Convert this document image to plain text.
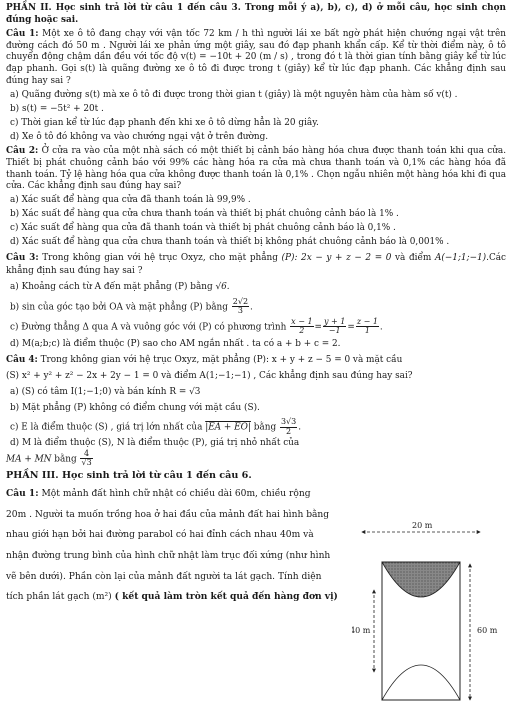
PHẦN II. Học sinh trả lời từ câu 1 đến câu 3. Trong mỗi ý a), b), c), d) ở mỗi câu, học sinh chọn đúng hoặc sai.

Câu 1: Một xe ô tô đang chạy với vận tốc 72 km / h thì người lái xe bất ngờ phát hiện chướng ngại vật trên đường cách đó 50 m . Người lái xe phản ứng một giây, sau đó đạp phanh khẩn cấp. Kể từ thời điểm này, ô tô chuyển động chậm dần đều với tốc độ v(t) = −10t + 20 (m / s) , trong đó t là thời gian tính bằng giây kể từ lúc đạp phanh. Gọi s(t) là quãng đường xe ô tô đi được trong t (giây) kể từ lúc đạp phanh. Các khẳng định sau đúng hay sai ?

a) Quãng đường s(t) mà xe ô tô đi được trong thời gian t (giây) là một nguyên hàm của hàm số v(t) .

b) s(t) = −5t² + 20t .

c) Thời gian kể từ lúc đạp phanh đến khi xe ô tô dừng hẳn là 20 giây.

d) Xe ô tô đó không va vào chướng ngại vật ở trên đường.

Câu 2: Ở cửa ra vào của một nhà sách có một thiết bị cảnh báo hàng hóa chưa được thanh toán khi qua cửa. Thiết bị phát chuông cảnh báo với 99% các hàng hóa ra cửa mà chưa thanh toán và 0,1% các hàng hóa đã thanh toán. Tỷ lệ hàng hóa qua cửa không được thanh toán là 0,1% . Chọn ngẫu nhiên một hàng hóa khi đi qua cửa. Các khẳng định sau đúng hay sai?

a) Xác suất để hàng qua cửa đã thanh toán là 99,9% .

b) Xác suất để hàng qua cửa chưa thanh toán và thiết bị phát chuông cảnh báo là 1% .

c) Xác suất để hàng qua cửa đã thanh toán và thiết bị phát chuông cảnh báo là 0,1% .

d) Xác suất để hàng qua cửa chưa thanh toán và thiết bị không phát chuông cảnh báo là 0,001% .

Câu 3: Trong không gian với hệ trục Oxyz, cho mặt phẳng (P): 2x − y + z − 2 = 0 và điểm A(−1;1;−1).Các khẳng định sau đúng hay sai ?

a) Khoảng cách từ A đến mặt phẳng (P) bằng √6.

b) sin của góc tạo bởi OA và mặt phẳng (P) bằng $\frac{2√2}{3}$ .

c) Đường thẳng Δ qua A và vuông góc với (P) có phương trình $\frac{x - 1}{2} = \frac{y + 1}{-1} = \frac{z - 1}{1}$ .

d) M(a;b;c) là điểm thuộc (P) sao cho AM ngắn nhất . ta có a + b + c = 2.

Câu 4: Trong không gian với hệ trục Oxyz, mặt phẳng (P): x + y + z − 5 = 0 và mặt cầu

(S) x² + y² + z² − 2x + 2y − 1 = 0 và điểm A(1;−1;−1) , Các khẳng định sau đúng hay sai?

a) (S) có tâm I(1;−1;0) và bán kính R = √3

b) Mặt phẳng (P) không có điểm chung với mặt cầu (S).

c) E là điểm thuộc (S) , giá trị lớn nhất của |EA + EO| bằng $\frac{3√3}{2}$ .

d) M là điểm thuộc (S), N là điểm thuộc (P), giá trị nhỏ nhất của

MA + MN bằng $\frac{4}{√3}$

PHẦN III. Học sinh trả lời từ câu 1 đến câu 6.

Câu 1: Một mảnh đất hình chữ nhật có chiều dài 60m, chiều rộng

20m . Người ta muốn trồng hoa ở hai đầu của mảnh đất hai hình bằng

nhau giới hạn bởi hai đường parabol có hai đỉnh cách nhau 40m và

nhận đường trung bình của hình chữ nhật làm trục đối xứng (như hình

vẽ bên dưới). Phần còn lại của mảnh đất người ta lát gạch. Tính diện

tích phần lát gạch (m²) ( kết quả làm tròn kết quả đến hàng đơn vị)

20 m
40 m	60 m
